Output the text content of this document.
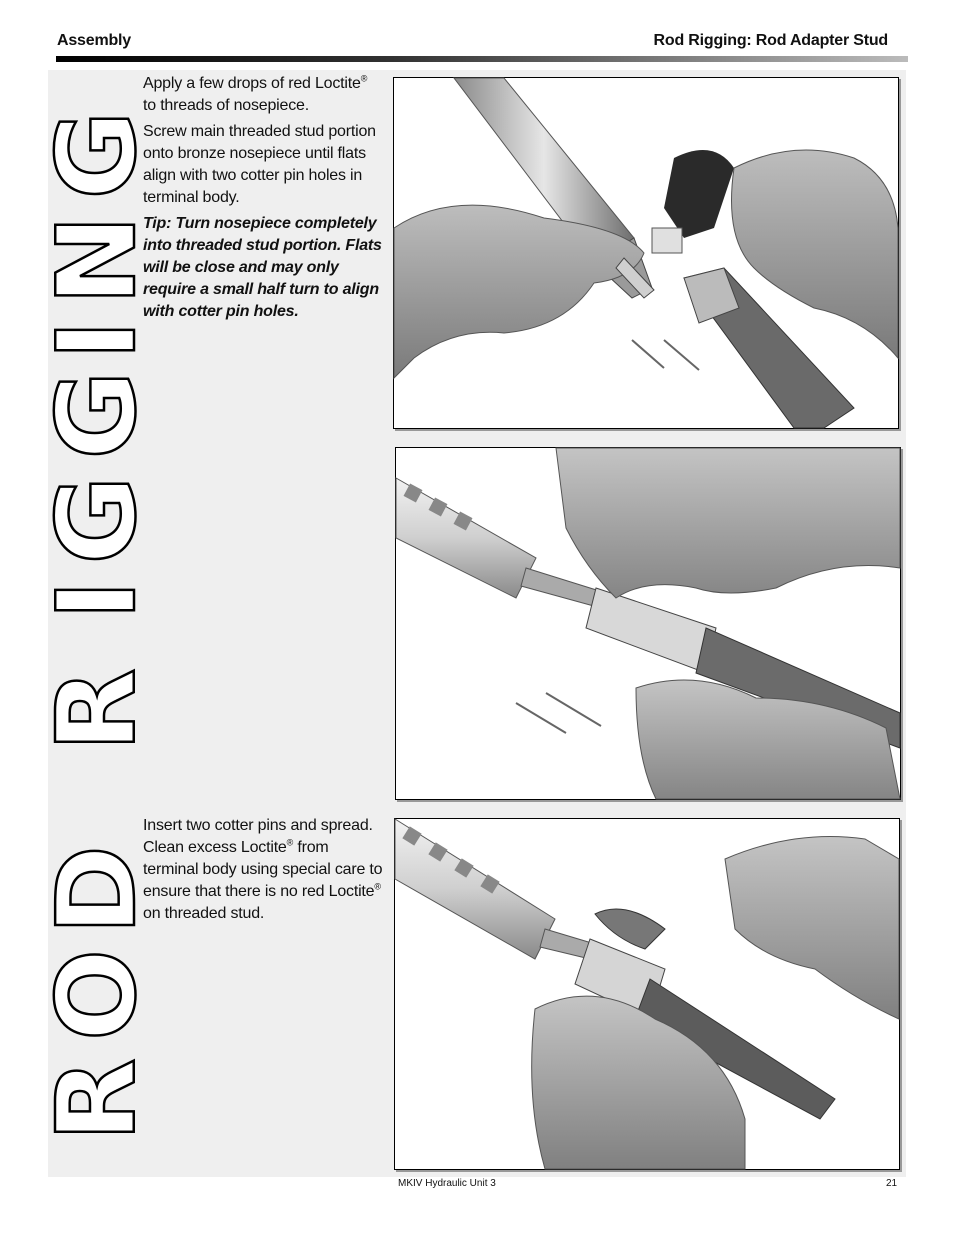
Assembly	Rod Rigging: Rod Adapter Stud
R
O
D
R
I
G
G
I
N
G

Apply a few drops of red Loctite® to threads of nosepiece.

Screw main threaded stud portion onto bronze nosepiece until flats align with two cotter pin holes in terminal body.

Tip: Turn nosepiece completely into threaded stud portion. Flats will be close and may only require a small half turn to align with cotter pin holes.

Insert two cotter pins and spread. Clean excess Loctite® from terminal body using special care to ensure that there is no red Loctite® on threaded stud.

MKIV Hydraulic Unit 3	21
